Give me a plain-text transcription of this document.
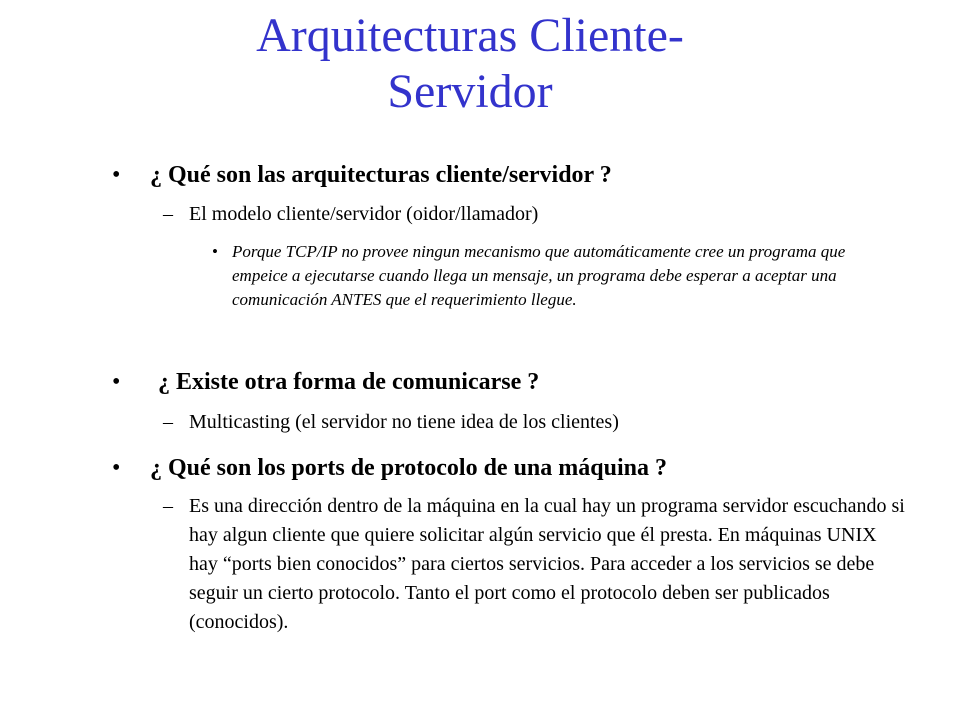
Arquitecturas Cliente-
Servidor
• ¿ Qué son las arquitecturas cliente/servidor ?
– El modelo cliente/servidor (oidor/llamador)
• Porque TCP/IP no provee ningun mecanismo que automáticamente cree un programa que empeice a ejecutarse cuando llega un mensaje, un programa debe esperar a aceptar una comunicación ANTES que el requerimiento llegue.
• ¿ Existe otra forma de comunicarse ?
– Multicasting (el servidor no tiene idea de los clientes)
• ¿ Qué son los ports de protocolo de una máquina ?
– Es una dirección dentro de la máquina en la cual hay un programa servidor escuchando si hay algun cliente que quiere solicitar algún servicio que él presta. En máquinas UNIX hay “ports bien conocidos” para ciertos servicios. Para acceder a los servicios se debe seguir un cierto protocolo. Tanto el port como el protocolo deben ser publicados (conocidos).
